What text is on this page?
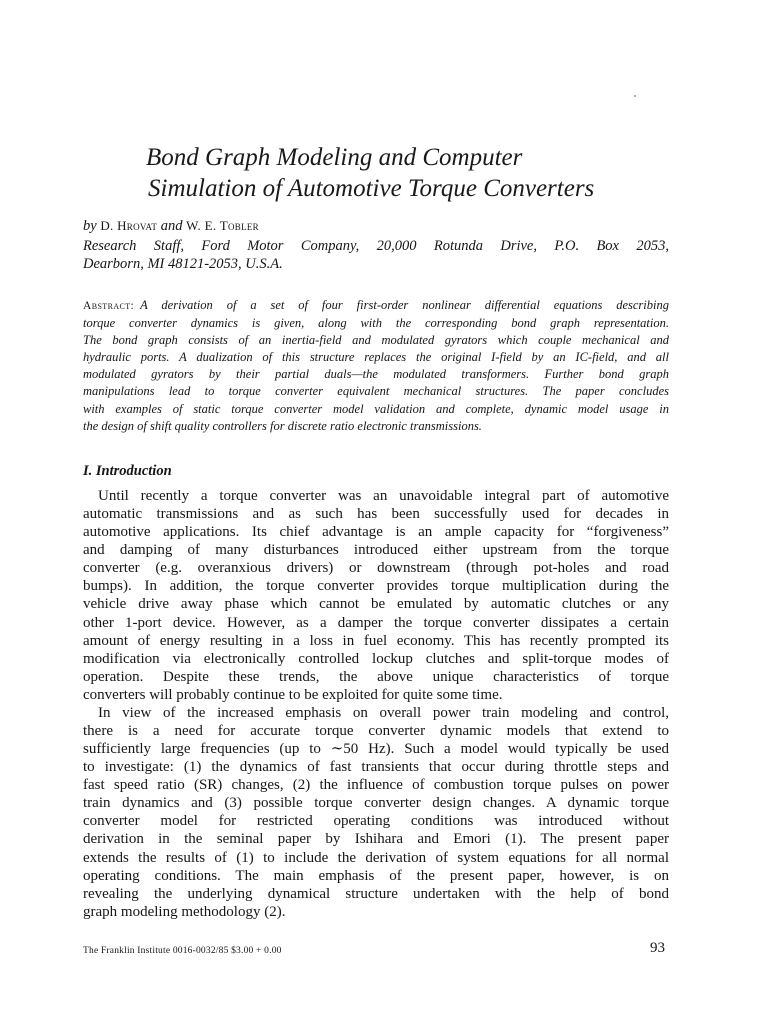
Bond Graph Modeling and Computer
Simulation of Automotive Torque Converters
by D. Hrovat and W. E. Tobler
Research Staff, Ford Motor Company, 20,000 Rotunda Drive, P.O. Box 2053,
Dearborn, MI 48121-2053, U.S.A.
Abstract: A derivation of a set of four first-order nonlinear differential equations describing
torque converter dynamics is given, along with the corresponding bond graph representation.
The bond graph consists of an inertia-field and modulated gyrators which couple mechanical and
hydraulic ports. A dualization of this structure replaces the original I-field by an IC-field, and all
modulated gyrators by their partial duals—the modulated transformers. Further bond graph
manipulations lead to torque converter equivalent mechanical structures. The paper concludes
with examples of static torque converter model validation and complete, dynamic model usage in
the design of shift quality controllers for discrete ratio electronic transmissions.
I. Introduction
 Until recently a torque converter was an unavoidable integral part of automotive
automatic transmissions and as such has been successfully used for decades in
automotive applications. Its chief advantage is an ample capacity for “forgiveness”
and damping of many disturbances introduced either upstream from the torque
converter (e.g. overanxious drivers) or downstream (through pot-holes and road
bumps). In addition, the torque converter provides torque multiplication during the
vehicle drive away phase which cannot be emulated by automatic clutches or any
other 1-port device. However, as a damper the torque converter dissipates a certain
amount of energy resulting in a loss in fuel economy. This has recently prompted its
modification via electronically controlled lockup clutches and split-torque modes of
operation. Despite these trends, the above unique characteristics of torque
converters will probably continue to be exploited for quite some time.
 In view of the increased emphasis on overall power train modeling and control,
there is a need for accurate torque converter dynamic models that extend to
sufficiently large frequencies (up to ∼50 Hz). Such a model would typically be used
to investigate: (1) the dynamics of fast transients that occur during throttle steps and
fast speed ratio (SR) changes, (2) the influence of combustion torque pulses on power
train dynamics and (3) possible torque converter design changes. A dynamic torque
converter model for restricted operating conditions was introduced without
derivation in the seminal paper by Ishihara and Emori (1). The present paper
extends the results of (1) to include the derivation of system equations for all normal
operating conditions. The main emphasis of the present paper, however, is on
revealing the underlying dynamical structure undertaken with the help of bond
graph modeling methodology (2).
The Franklin Institute 0016-0032/85 $3.00 + 0.00	93
